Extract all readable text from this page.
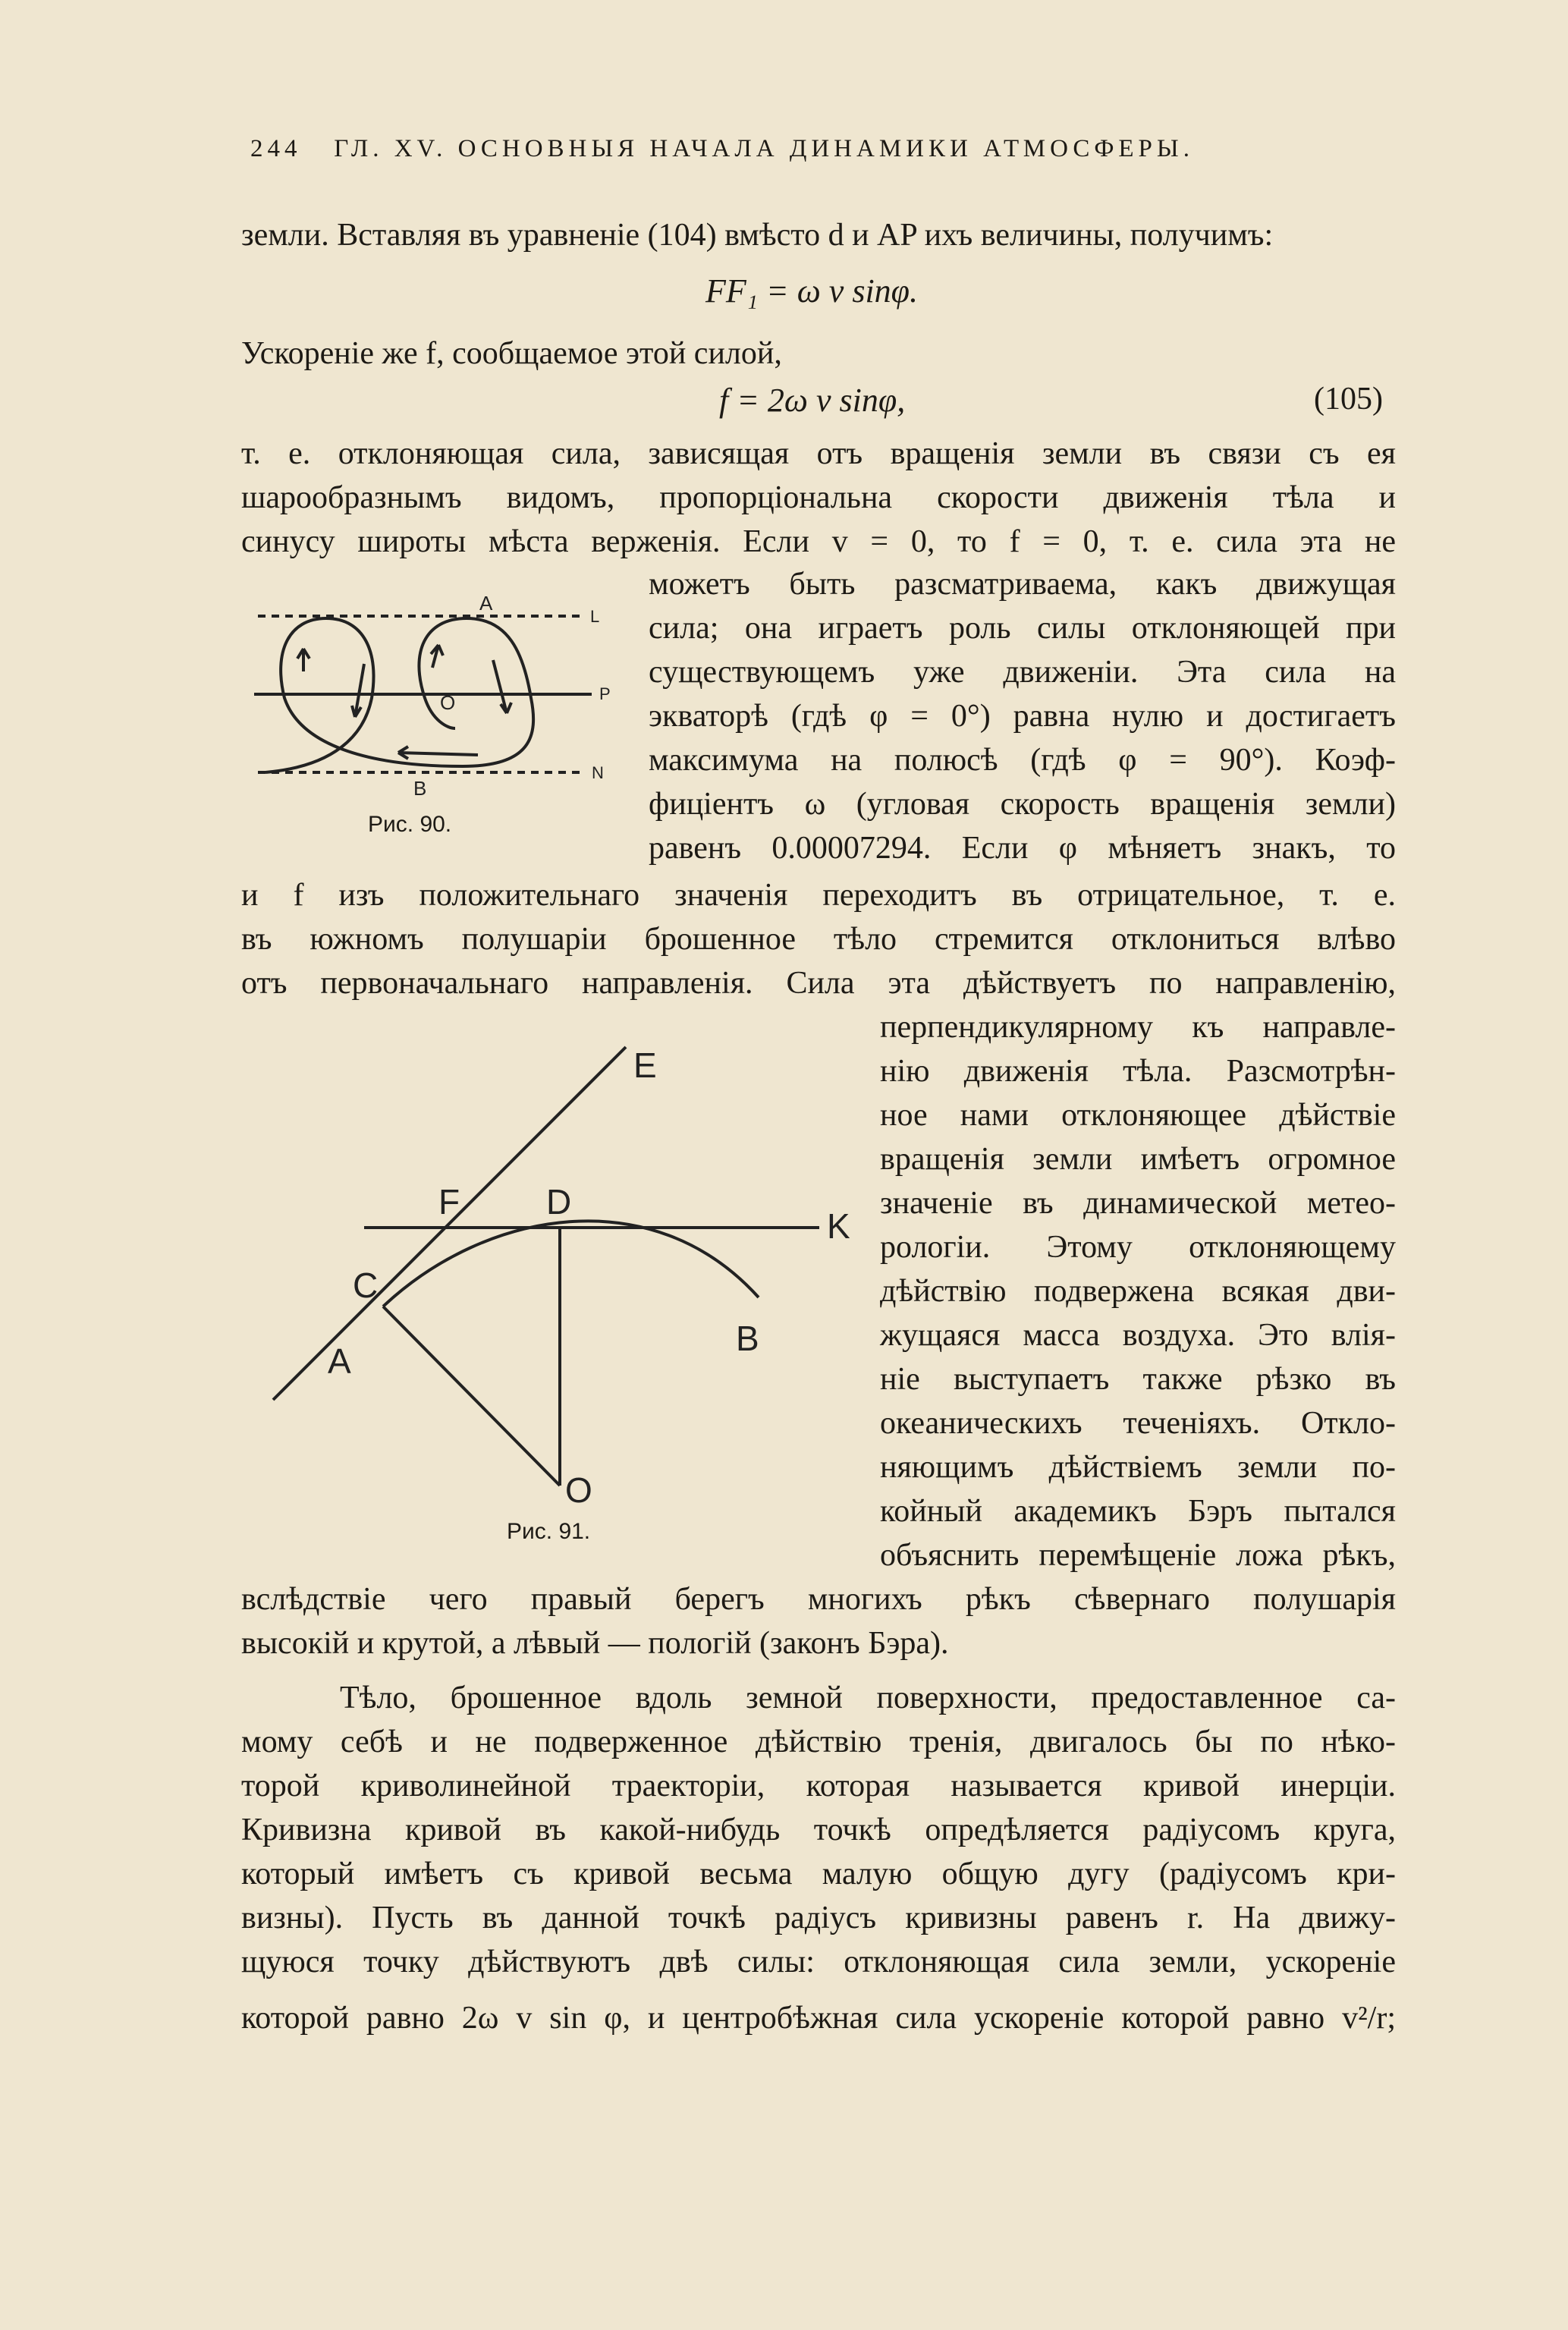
244 ГЛ. XV. ОСНОВНЫЯ НАЧАЛА ДИНАМИКИ АТМОСФЕРЫ.
земли. Вставляя въ уравненіе (104) вмѣсто d и AP ихъ величины, получимъ:
FF₁ = ω v sinφ.
Ускореніе же f, сообщаемое этой силой,
f = 2ω v sinφ,	(105)
т. е. отклоняющая сила, зависящая отъ вращенія земли въ связи съ ея
шарообразнымъ видомъ, пропорціональна скорости движенія тѣла и
синусу широты мѣста верженія. Если v = 0, то f = 0, т. е. сила эта не
можетъ быть разсматриваема, какъ движущая
сила; она играетъ роль силы отклоняющей при
существующемъ уже движеніи. Эта сила на
экваторѣ (гдѣ φ = 0°) равна нулю и достигаетъ
максимума на полюсѣ (гдѣ φ = 90°). Коэф-
фиціентъ ω (угловая скорость вращенія земли)
равенъ 0.00007294. Если φ мѣняетъ знакъ, то
A
O
B
L
P
N
Рис. 90.
и f изъ положительнаго значенія переходитъ въ отрицательное, т. е.
въ южномъ полушаріи брошенное тѣло стремится отклониться влѣво
отъ первоначальнаго направленія. Сила эта дѣйствуетъ по направленію,
перпендикулярному къ направле-
нію движенія тѣла. Разсмотрѣн-
ное нами отклоняющее дѣйствіе
вращенія земли имѣетъ огромное
значеніе въ динамической метео-
рологіи. Этому отклоняющему
дѣйствію подвержена всякая дви-
жущаяся масса воздуха. Это влія-
ніе выступаетъ также рѣзко въ
океаническихъ теченіяхъ. Откло-
няющимъ дѣйствіемъ земли по-
койный академикъ Бэръ пытался
объяснить перемѣщеніе ложа рѣкъ,
E
F D
K
C
A
B
O
Рис. 91.
вслѣдствіе чего правый берегъ многихъ рѣкъ сѣвернаго полушарія
высокій и крутой, а лѣвый — пологій (законъ Бэра).
Тѣло, брошенное вдоль земной поверхности, предоставленное са-
мому себѣ и не подверженное дѣйствію тренія, двигалось бы по нѣко-
торой криволинейной траекторіи, которая называется кривой инерціи.
Кривизна кривой въ какой-нибудь точкѣ опредѣляется радіусомъ круга,
который имѣетъ съ кривой весьма малую общую дугу (радіусомъ кри-
визны). Пусть въ данной точкѣ радіусъ кривизны равенъ r. На движу-
щуюся точку дѣйствуютъ двѣ силы: отклоняющая сила земли, ускореніе
которой равно 2ω v sin φ, и центробѣжная сила ускореніе которой равно v²/r;
